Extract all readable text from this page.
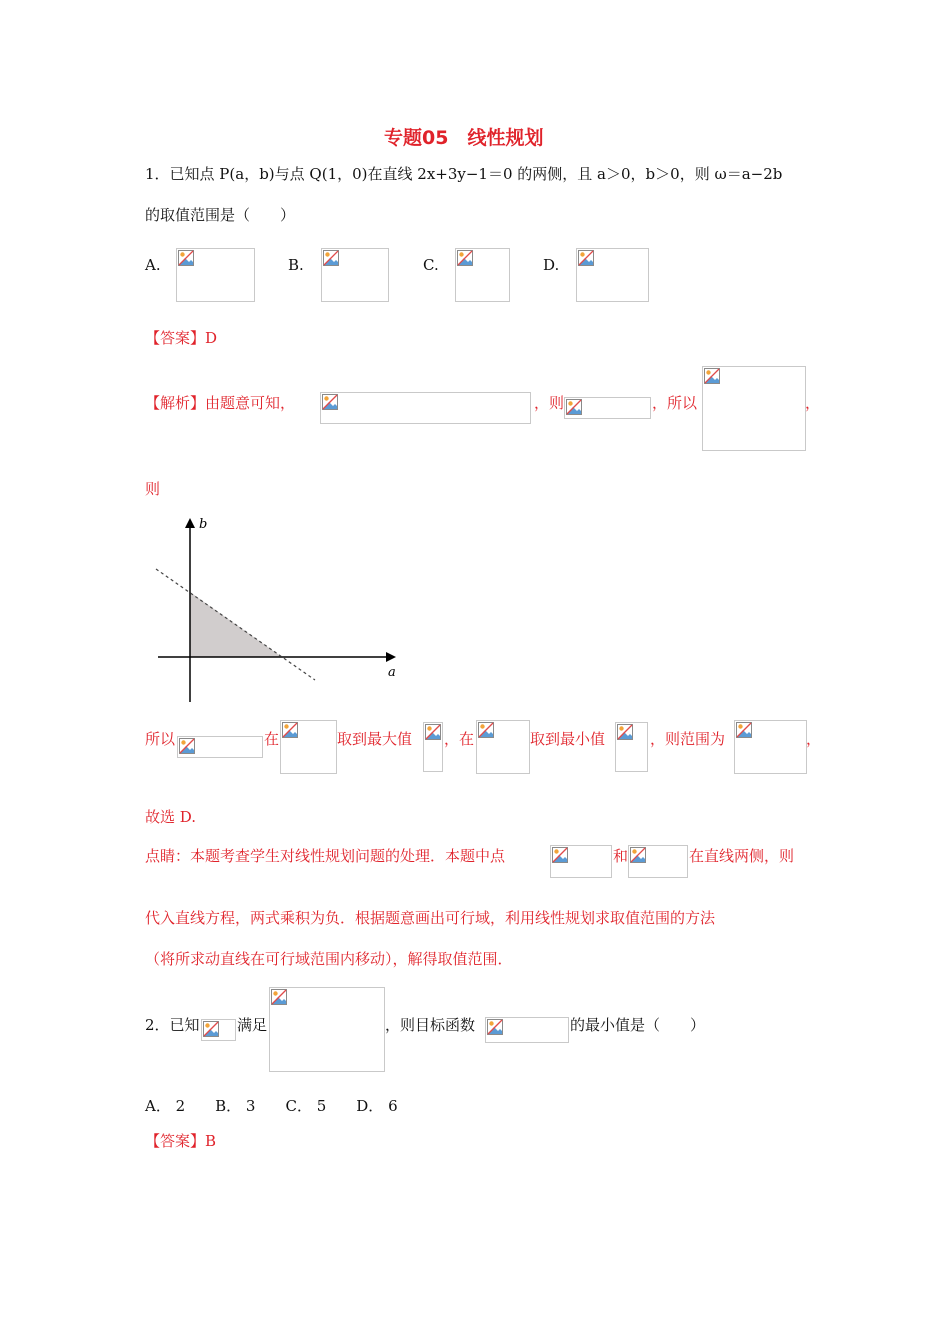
专题05　线性规划
1．已知点 P(a，b)与点 Q(1，0)在直线 2x+3y−1＝0 的两侧，且 a＞0，b＞0，则 ω＝a−2b
的取值范围是（　　）
A.	B.	C.	D.
【答案】D
【解析】由题意可知，	，则	，所以	，
则
b
a
所以	在	取到最大值 ，在	取到最小值	，则范围为	，
故选 D.
点睛：本题考查学生对线性规划问题的处理．本题中点	和	在直线两侧，则
代入直线方程，两式乘积为负．根据题意画出可行域，利用线性规划求取值范围的方法
（将所求动直线在可行域范围内移动），解得取值范围．
2．已知 满足	，则目标函数	的最小值是（　　）
A． 2　　B． 3　　C． 5　　D． 6
【答案】B
